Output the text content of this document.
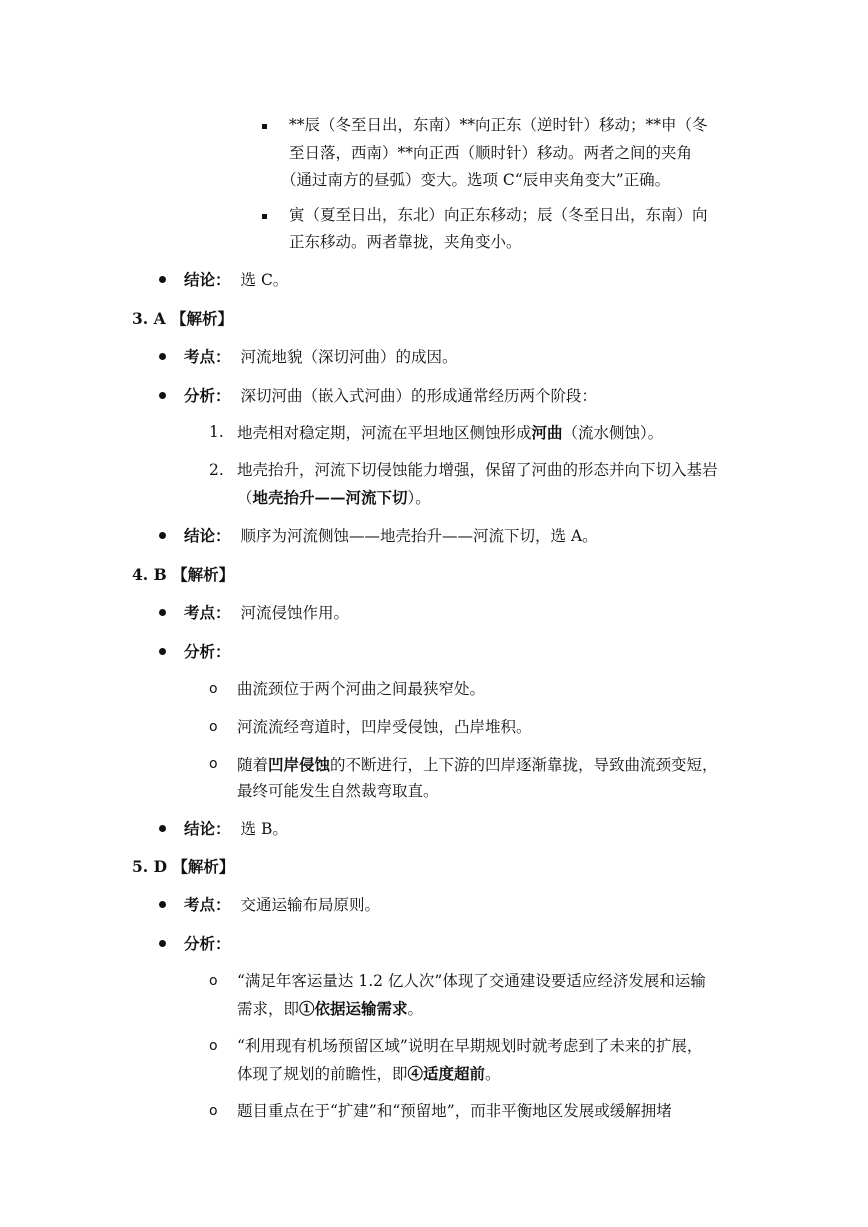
**辰（冬至日出，东南）**向正东（逆时针）移动；**申（冬
至日落，西南）**向正西（顺时针）移动。两者之间的夹角
（通过南方的昼弧）变大。选项 C“辰申夹角变大”正确。
寅（夏至日出，东北）向正东移动；辰（冬至日出，东南）向
正东移动。两者靠拢，夹角变小。
结论： 选 C。
3. A 【解析】
考点： 河流地貌（深切河曲）的成因。
分析： 深切河曲（嵌入式河曲）的形成通常经历两个阶段：
1. 地壳相对稳定期，河流在平坦地区侧蚀形成河曲（流水侧蚀）。
2. 地壳抬升，河流下切侵蚀能力增强，保留了河曲的形态并向下切入基岩
（地壳抬升——河流下切）。
结论： 顺序为河流侧蚀——地壳抬升——河流下切，选 A。
4. B 【解析】
考点： 河流侵蚀作用。
分析：
o 曲流颈位于两个河曲之间最狭窄处。
o 河流流经弯道时，凹岸受侵蚀，凸岸堆积。
o 随着凹岸侵蚀的不断进行，上下游的凹岸逐渐靠拢，导致曲流颈变短，
最终可能发生自然裁弯取直。
结论： 选 B。
5. D 【解析】
考点： 交通运输布局原则。
分析：
o “满足年客运量达 1.2 亿人次”体现了交通建设要适应经济发展和运输
需求，即①依据运输需求。
o “利用现有机场预留区域”说明在早期规划时就考虑到了未来的扩展，
体现了规划的前瞻性，即④适度超前。
o 题目重点在于“扩建”和“预留地”，而非平衡地区发展或缓解拥堵
